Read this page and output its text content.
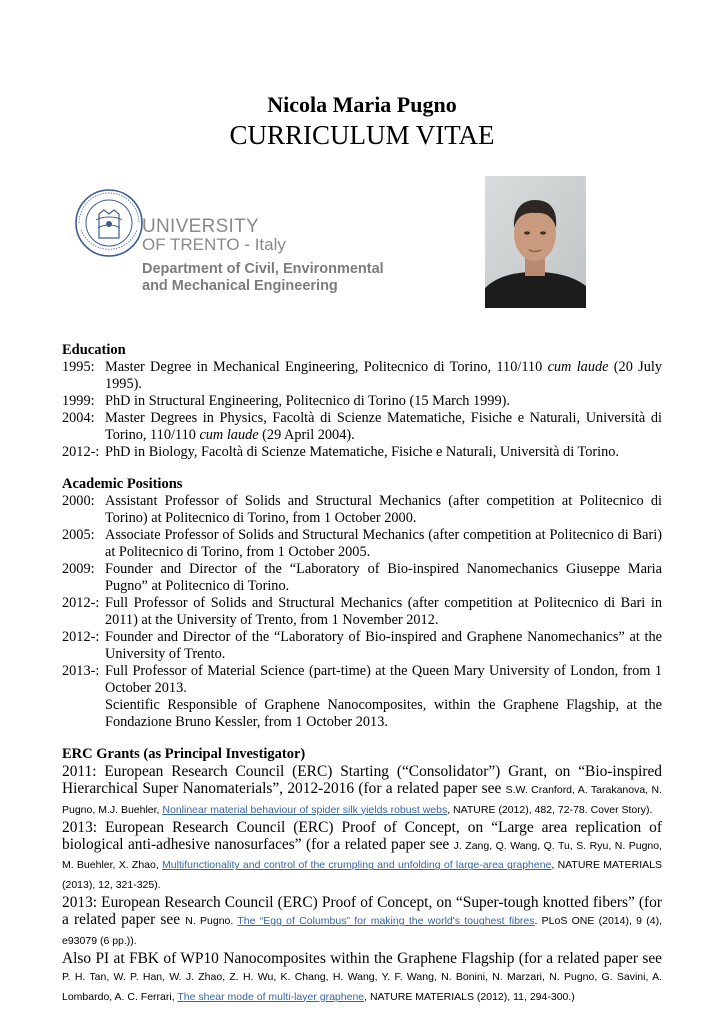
Nicola Maria Pugno
CURRICULUM VITAE
UNIVERSITY
OF TRENTO - Italy
Department of Civil, Environmental
and Mechanical Engineering
Education
1995: Master Degree in Mechanical Engineering, Politecnico di Torino, 110/110 cum laude (20 July 1995).
1999: PhD in Structural Engineering, Politecnico di Torino (15 March 1999).
2004: Master Degrees in Physics, Facoltà di Scienze Matematiche, Fisiche e Naturali, Università di Torino, 110/110 cum laude (29 April 2004).
2012-: PhD in Biology, Facoltà di Scienze Matematiche, Fisiche e Naturali, Università di Torino.
Academic Positions
2000: Assistant Professor of Solids and Structural Mechanics (after competition at Politecnico di Torino) at Politecnico di Torino, from 1 October 2000.
2005: Associate Professor of Solids and Structural Mechanics (after competition at Politecnico di Bari) at Politecnico di Torino, from 1 October 2005.
2009: Founder and Director of the “Laboratory of Bio-inspired Nanomechanics Giuseppe Maria Pugno” at Politecnico di Torino.
2012-: Full Professor of Solids and Structural Mechanics (after competition at Politecnico di Bari in 2011) at the University of Trento, from 1 November 2012.
2012-: Founder and Director of the “Laboratory of Bio-inspired and Graphene Nanomechanics” at the University of Trento.
2013-: Full Professor of Material Science (part-time) at the Queen Mary University of London, from 1 October 2013.
Scientific Responsible of Graphene Nanocomposites, within the Graphene Flagship, at the Fondazione Bruno Kessler, from 1 October 2013.
ERC Grants (as Principal Investigator)
2011: European Research Council (ERC) Starting (“Consolidator”) Grant, on “Bio-inspired Hierarchical Super Nanomaterials”, 2012-2016 (for a related paper see S.W. Cranford, A. Tarakanova, N. Pugno, M.J. Buehler, Nonlinear material behaviour of spider silk yields robust webs, NATURE (2012), 482, 72-78. Cover Story).
2013: European Research Council (ERC) Proof of Concept, on “Large area replication of biological anti-adhesive nanosurfaces” (for a related paper see J. Zang, Q. Wang, Q. Tu, S. Ryu, N. Pugno, M. Buehler, X. Zhao, Multifunctionality and control of the crumpling and unfolding of large-area graphene, NATURE MATERIALS (2013), 12, 321-325).
2013: European Research Council (ERC) Proof of Concept, on “Super-tough knotted fibers” (for a related paper see N. Pugno. The “Egg of Columbus” for making the world's toughest fibres. PLoS ONE (2014), 9 (4), e93079 (6 pp.)).
Also PI at FBK of WP10 Nanocomposites within the Graphene Flagship (for a related paper see P. H. Tan, W. P. Han, W. J. Zhao, Z. H. Wu, K. Chang, H. Wang, Y. F. Wang, N. Bonini, N. Marzari, N. Pugno, G. Savini, A. Lombardo, A. C. Ferrari, The shear mode of multi-layer graphene, NATURE MATERIALS (2012), 11, 294-300.)
